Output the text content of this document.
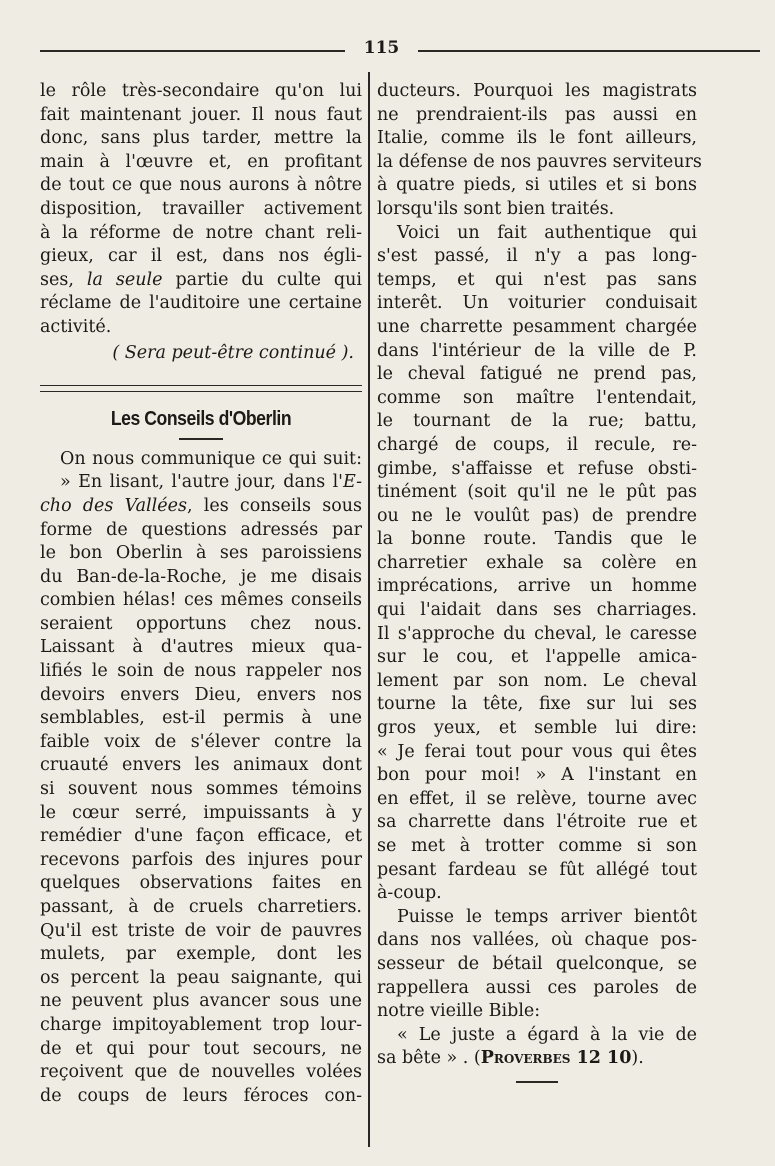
115
le rôle très-secondaire qu'on lui
fait maintenant jouer. Il nous faut
donc, sans plus tarder, mettre la
main à l'œuvre et, en profitant
de tout ce que nous aurons à nôtre
disposition, travailler activement
à la réforme de notre chant reli-
gieux, car il est, dans nos égli-
ses, la seule partie du culte qui
réclame de l'auditoire une certaine
activité.
( Sera peut-être continué ).
Les Conseils d'Oberlin
On nous communique ce qui suit:
» En lisant, l'autre jour, dans l'E-
cho des Vallées, les conseils sous
forme de questions adressés par
le bon Oberlin à ses paroissiens
du Ban-de-la-Roche, je me disais
combien hélas! ces mêmes conseils
seraient opportuns chez nous.
Laissant à d'autres mieux qua-
lifiés le soin de nous rappeler nos
devoirs envers Dieu, envers nos
semblables, est-il permis à une
faible voix de s'élever contre la
cruauté envers les animaux dont
si souvent nous sommes témoins
le cœur serré, impuissants à y
remédier d'une façon efficace, et
recevons parfois des injures pour
quelques observations faites en
passant, à de cruels charretiers.
Qu'il est triste de voir de pauvres
mulets, par exemple, dont les
os percent la peau saignante, qui
ne peuvent plus avancer sous une
charge impitoyablement trop lour-
de et qui pour tout secours, ne
reçoivent que de nouvelles volées
de coups de leurs féroces con-
ducteurs. Pourquoi les magistrats
ne prendraient-ils pas aussi en
Italie, comme ils le font ailleurs,
la défense de nos pauvres serviteurs
à quatre pieds, si utiles et si bons
lorsqu'ils sont bien traités.
Voici un fait authentique qui
s'est passé, il n'y a pas long-
temps, et qui n'est pas sans
interêt. Un voiturier conduisait
une charrette pesamment chargée
dans l'intérieur de la ville de P.
le cheval fatigué ne prend pas,
comme son maître l'entendait,
le tournant de la rue; battu,
chargé de coups, il recule, re-
gimbe, s'affaisse et refuse obsti-
tinément (soit qu'il ne le pût pas
ou ne le voulût pas) de prendre
la bonne route. Tandis que le
charretier exhale sa colère en
imprécations, arrive un homme
qui l'aidait dans ses charriages.
Il s'approche du cheval, le caresse
sur le cou, et l'appelle amica-
lement par son nom. Le cheval
tourne la tête, fixe sur lui ses
gros yeux, et semble lui dire:
« Je ferai tout pour vous qui êtes
bon pour moi! » A l'instant en
en effet, il se relève, tourne avec
sa charrette dans l'étroite rue et
se met à trotter comme si son
pesant fardeau se fût allégé tout
à-coup.
Puisse le temps arriver bientôt
dans nos vallées, où chaque pos-
sesseur de bétail quelconque, se
rappellera aussi ces paroles de
notre vieille Bible:
« Le juste a égard à la vie de
sa bête » . (Proverbes 12 10).
